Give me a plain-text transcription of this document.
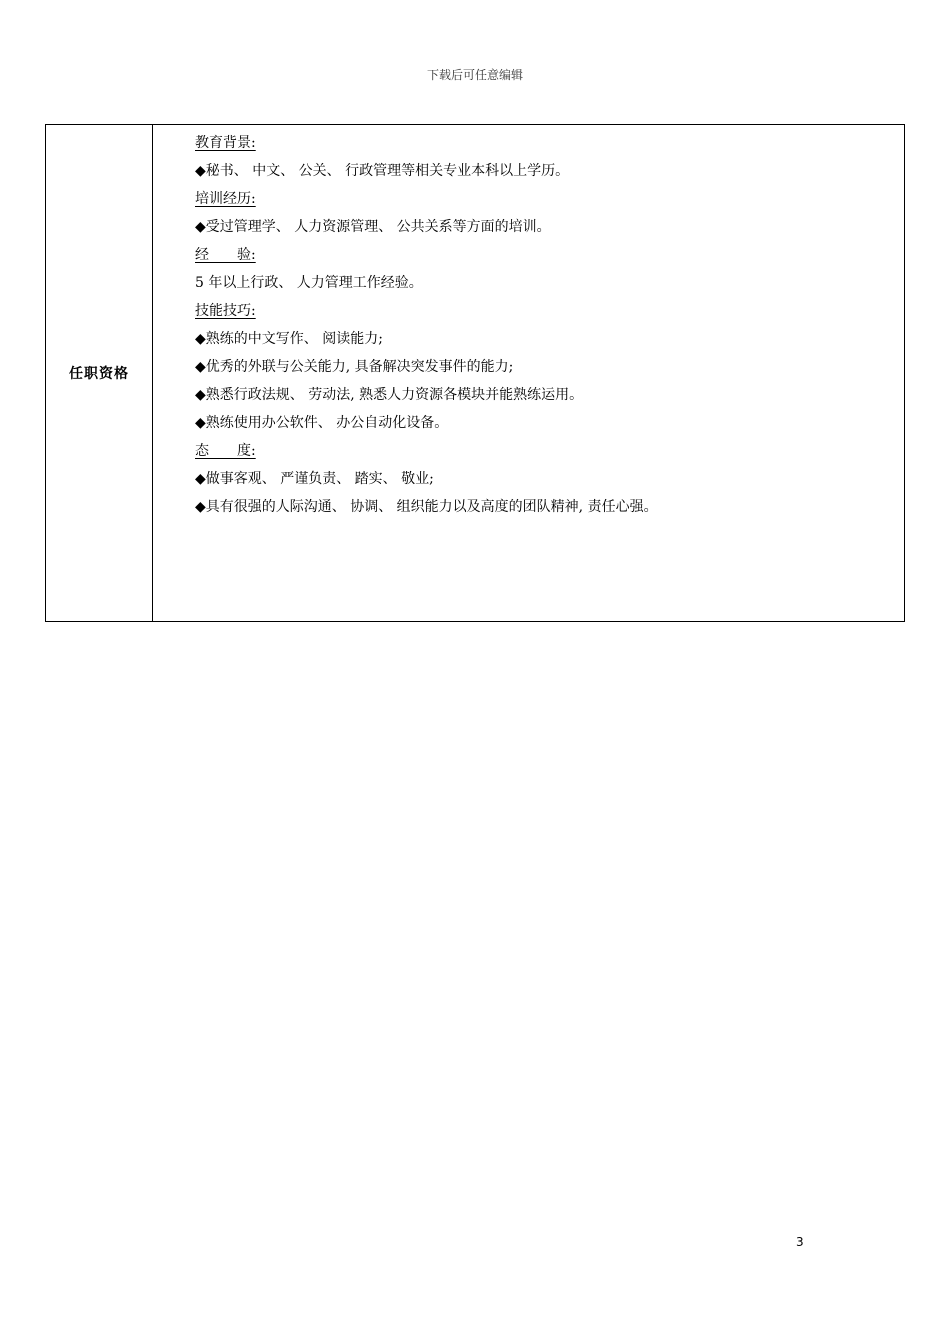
下载后可任意编辑
任职资格	
教育背景:
◆秘书、 中文、 公关、 行政管理等相关专业本科以上学历。
培训经历:
◆受过管理学、 人力资源管理、 公共关系等方面的培训。
经　　验:
5 年以上行政、 人力管理工作经验。
技能技巧:
◆熟练的中文写作、 阅读能力;
◆优秀的外联与公关能力, 具备解决突发事件的能力;
◆熟悉行政法规、 劳动法, 熟悉人力资源各模块并能熟练运用。
◆熟练使用办公软件、 办公自动化设备。
态　　度:
◆做事客观、 严谨负责、 踏实、 敬业;
◆具有很强的人际沟通、 协调、 组织能力以及高度的团队精神, 责任心强。
3
